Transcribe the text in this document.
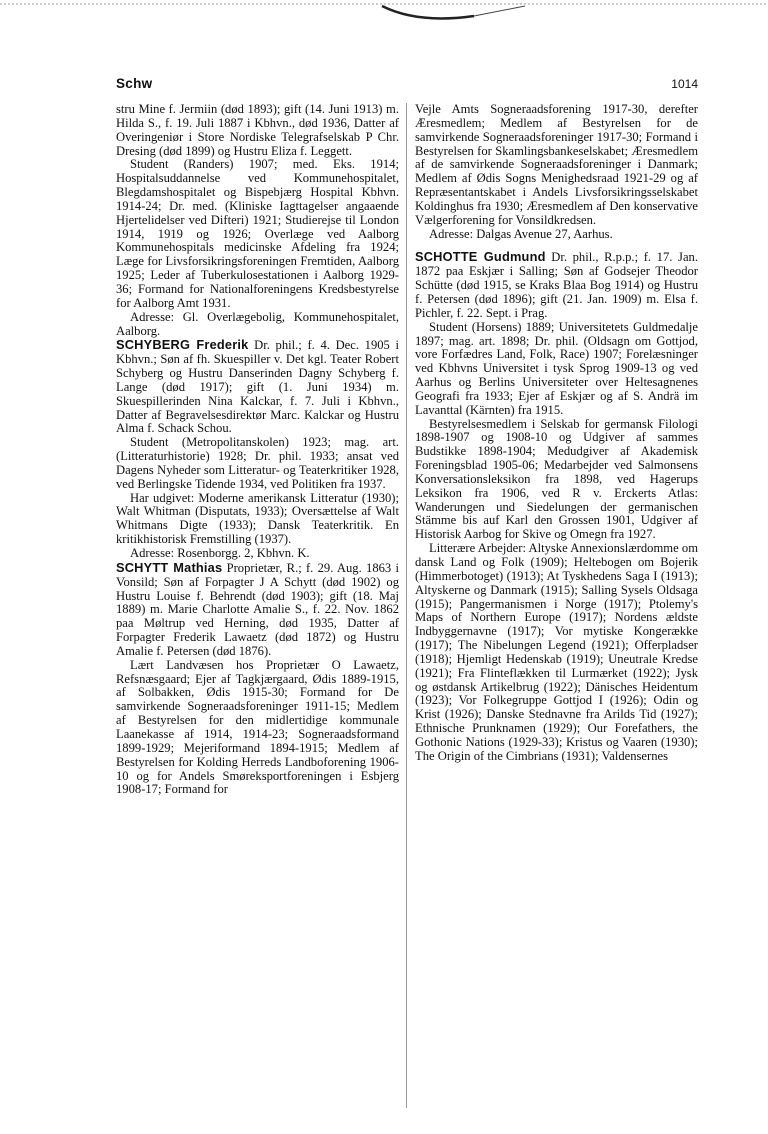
Schw	1014

stru Mine f. Jermiin (død 1893); gift (14. Juni 1913) m. Hilda S., f. 19. Juli 1887 i Kbhvn., død 1936, Datter af Overingeniør i Store Nordiske Telegrafselskab P Chr. Dresing (død 1899) og Hustru Eliza f. Leggett.

Student (Randers) 1907; med. Eks. 1914; Hospitalsuddannelse ved Kommunehospitalet, Blegdamshospitalet og Bispebjærg Hospital Kbhvn. 1914-24; Dr. med. (Kliniske Iagttagelser angaaende Hjertelidelser ved Difteri) 1921; Studierejse til London 1914, 1919 og 1926; Overlæge ved Aalborg Kommunehospitals medicinske Afdeling fra 1924; Læge for Livsforsikringsforeningen Fremtiden, Aalborg 1925; Leder af Tuberkulosestationen i Aalborg 1929-36; Formand for Nationalforeningens Kredsbestyrelse for Aalborg Amt 1931.

Adresse: Gl. Overlægebolig, Kommunehospitalet, Aalborg.

SCHYBERG Frederik Dr. phil.; f. 4. Dec. 1905 i Kbhvn.; Søn af fh. Skuespiller v. Det kgl. Teater Robert Schyberg og Hustru Danserinden Dagny Schyberg f. Lange (død 1917); gift (1. Juni 1934) m. Skuespillerinden Nina Kalckar, f. 7. Juli i Kbhvn., Datter af Begravelsesdirektør Marc. Kalckar og Hustru Alma f. Schack Schou.

Student (Metropolitanskolen) 1923; mag. art. (Litteraturhistorie) 1928; Dr. phil. 1933; ansat ved Dagens Nyheder som Litteratur- og Teaterkritiker 1928, ved Berlingske Tidende 1934, ved Politiken fra 1937.

Har udgivet: Moderne amerikansk Litteratur (1930); Walt Whitman (Disputats, 1933); Oversættelse af Walt Whitmans Digte (1933); Dansk Teaterkritik. En kritikhistorisk Fremstilling (1937).

Adresse: Rosenborgg. 2, Kbhvn. K.

SCHYTT Mathias Proprietær, R.; f. 29. Aug. 1863 i Vonsild; Søn af Forpagter J A Schytt (død 1902) og Hustru Louise f. Behrendt (død 1903); gift (18. Maj 1889) m. Marie Charlotte Amalie S., f. 22. Nov. 1862 paa Møltrup ved Herning, død 1935, Datter af Forpagter Frederik Lawaetz (død 1872) og Hustru Amalie f. Petersen (død 1876).

Lært Landvæsen hos Proprietær O Lawaetz, Refsnæsgaard; Ejer af Tagkjærgaard, Ødis 1889-1915, af Solbakken, Ødis 1915-30; Formand for De samvirkende Sogneraadsforeninger 1911-15; Medlem af Bestyrelsen for den midlertidige kommunale Laanekasse af 1914, 1914-23; Sogneraadsformand 1899-1929; Mejeriformand 1894-1915; Medlem af Bestyrelsen for Kolding Herreds Landboforening 1906-10 og for Andels Smøreksportforeningen i Esbjerg 1908-17; Formand for

Vejle Amts Sogneraadsforening 1917-30, derefter Æresmedlem; Medlem af Bestyrelsen for de samvirkende Sogneraadsforeninger 1917-30; Formand i Bestyrelsen for Skamlingsbankeselskabet; Æresmedlem af de samvirkende Sogneraadsforeninger i Danmark; Medlem af Ødis Sogns Menighedsraad 1921-29 og af Repræsentantskabet i Andels Livsforsikringsselskabet Koldinghus fra 1930; Æresmedlem af Den konservative Vælgerforening for Vonsildkredsen.

Adresse: Dalgas Avenue 27, Aarhus.

SCHOTTE Gudmund Dr. phil., R.p.p.; f. 17. Jan. 1872 paa Eskjær i Salling; Søn af Godsejer Theodor Schütte (død 1915, se Kraks Blaa Bog 1914) og Hustru f. Petersen (død 1896); gift (21. Jan. 1909) m. Elsa f. Pichler, f. 22. Sept. i Prag.

Student (Horsens) 1889; Universitetets Guldmedalje 1897; mag. art. 1898; Dr. phil. (Oldsagn om Gottjod, vore Forfædres Land, Folk, Race) 1907; Forelæsninger ved Kbhvns Universitet i tysk Sprog 1909-13 og ved Aarhus og Berlins Universiteter over Heltesagnenes Geografi fra 1933; Ejer af Eskjær og af S. Andrä im Lavanttal (Kärnten) fra 1915.

Bestyrelsesmedlem i Selskab for germansk Filologi 1898-1907 og 1908-10 og Udgiver af sammes Budstikke 1898-1904; Medudgiver af Akademisk Foreningsblad 1905-06; Medarbejder ved Salmonsens Konversationsleksikon fra 1898, ved Hagerups Leksikon fra 1906, ved R v. Erckerts Atlas: Wanderungen und Siedelungen der germanischen Stämme bis auf Karl den Grossen 1901, Udgiver af Historisk Aarbog for Skive og Omegn fra 1927.

Litterære Arbejder: Altyske Annexionslærdomme om dansk Land og Folk (1909); Heltebogen om Bojerik (Himmerbotoget) (1913); At Tyskhedens Saga I (1913); Altyskerne og Danmark (1915); Salling Sysels Oldsaga (1915); Pangermanismen i Norge (1917); Ptolemy's Maps of Northern Europe (1917); Nordens ældste Indbyggernavne (1917); Vor mytiske Kongerække (1917); The Nibelungen Legend (1921); Offerpladser (1918); Hjemligt Hedenskab (1919); Uneutrale Kredse (1921); Fra Flinteflækken til Lurmærket (1922); Jysk og østdansk Artikelbrug (1922); Dänisches Heidentum (1923); Vor Folkegruppe Gottjod I (1926); Odin og Krist (1926); Danske Stednavne fra Arilds Tid (1927); Ethnische Prunknamen (1929); Our Forefathers, the Gothonic Nations (1929-33); Kristus og Vaaren (1930); The Origin of the Cimbrians (1931); Valdensernes
